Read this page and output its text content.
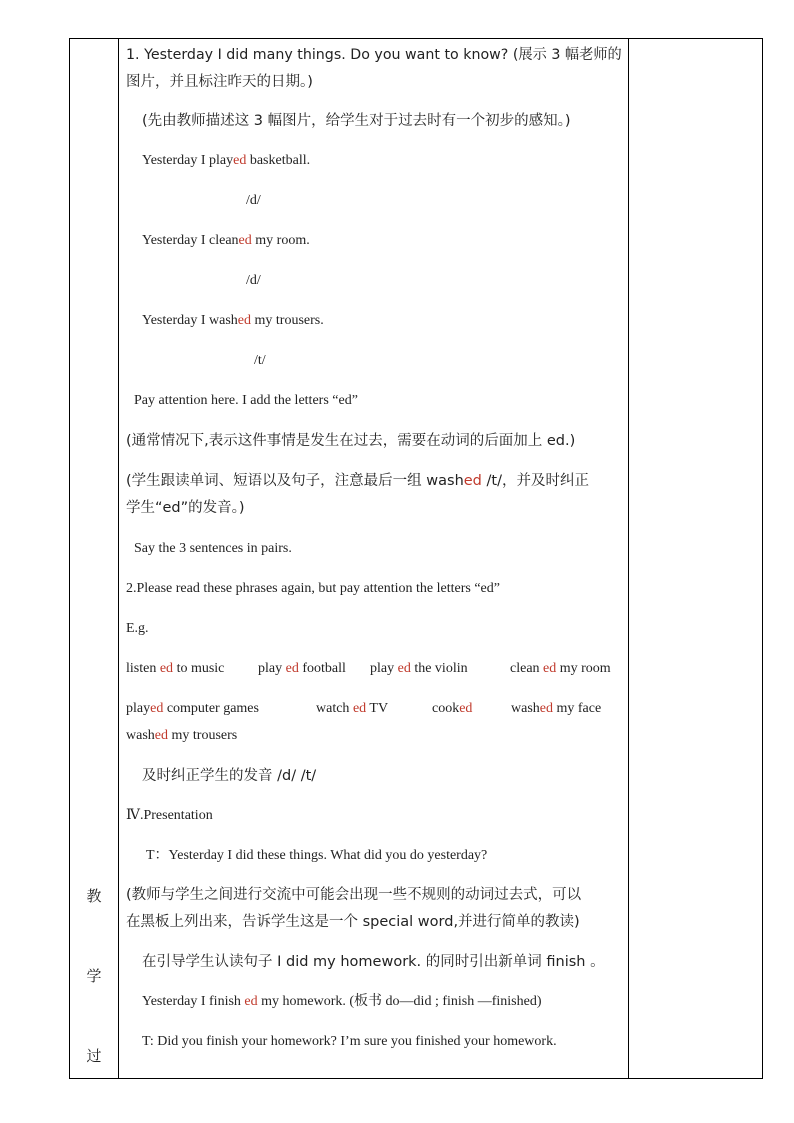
教
学
过
1. Yesterday I did many things. Do you want to know? (展示 3 幅老师的
图片，并且标注昨天的日期。)
(先由教师描述这 3 幅图片，给学生对于过去时有一个初步的感知。)
Yesterday I played basketball.
/d/
Yesterday I cleaned my room.
/d/
Yesterday I washed my trousers.
/t/
Pay attention here. I add the letters “ed”
(通常情况下,表示这件事情是发生在过去，需要在动词的后面加上 ed.)
(学生跟读单词、短语以及句子，注意最后一组 washed /t/，并及时纠正
学生“ed”的发音。)
Say the 3 sentences in pairs.
2.Please read these phrases again, but pay attention the letters “ed”
E.g.
listen ed to music play ed football play ed the violin	clean ed my room
played computer games	watch ed TV	cooked	washed my face
washed my trousers
及时纠正学生的发音 /d/ /t/
Ⅳ.Presentation
T：Yesterday I did these things. What did you do yesterday?
(教师与学生之间进行交流中可能会出现一些不规则的动词过去式，可以
在黑板上列出来，告诉学生这是一个 special word,并进行简单的教读)
在引导学生认读句子 I did my homework. 的同时引出新单词 finish 。
Yesterday I finish ed my homework. (板书 do—did ; finish —finished)
T: Did you finish your homework? I’m sure you finished your homework.
